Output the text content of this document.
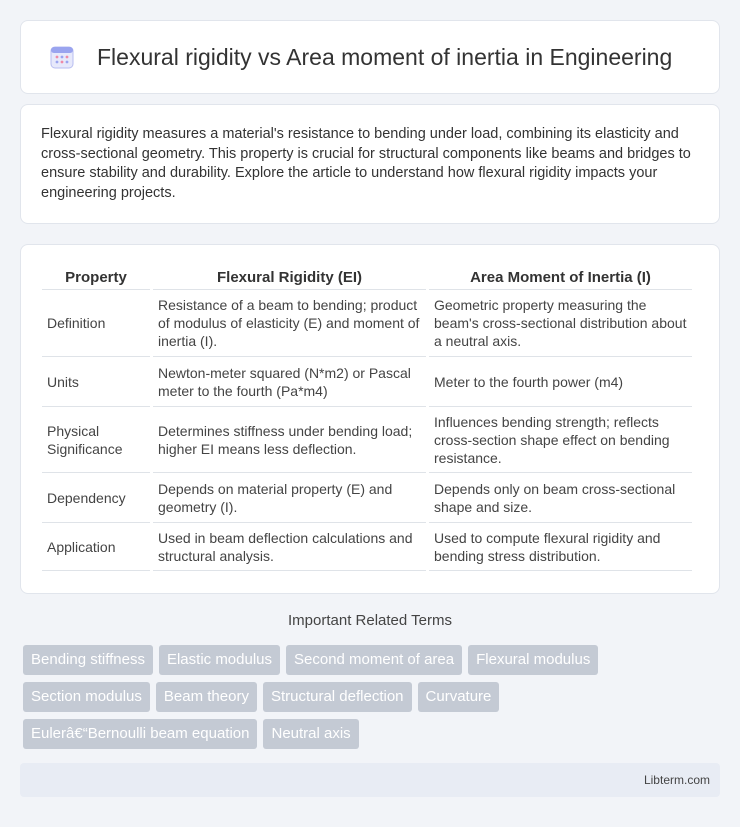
Flexural rigidity vs Area moment of inertia in Engineering
Flexural rigidity measures a material's resistance to bending under load, combining its elasticity and cross-sectional geometry. This property is crucial for structural components like beams and bridges to ensure stability and durability. Explore the article to understand how flexural rigidity impacts your engineering projects.
Property	Flexural Rigidity (EI)	Area Moment of Inertia (I)
Definition	Resistance of a beam to bending; product of modulus of elasticity (E) and moment of inertia (I).	Geometric property measuring the beam's cross-sectional distribution about a neutral axis.
Units	Newton-meter squared (N*m2) or Pascal meter to the fourth (Pa*m4)	Meter to the fourth power (m4)
Physical Significance	Determines stiffness under bending load; higher EI means less deflection.	Influences bending strength; reflects cross-section shape effect on bending resistance.
Dependency	Depends on material property (E) and geometry (I).	Depends only on beam cross-sectional shape and size.
Application	Used in beam deflection calculations and structural analysis.	Used to compute flexural rigidity and bending stress distribution.
Important Related Terms
Bending stiffness	Elastic modulus	Second moment of area	Flexural modulus
Section modulus	Beam theory	Structural deflection	Curvature
Eulerâ€“Bernoulli beam equation	Neutral axis
Libterm.com
